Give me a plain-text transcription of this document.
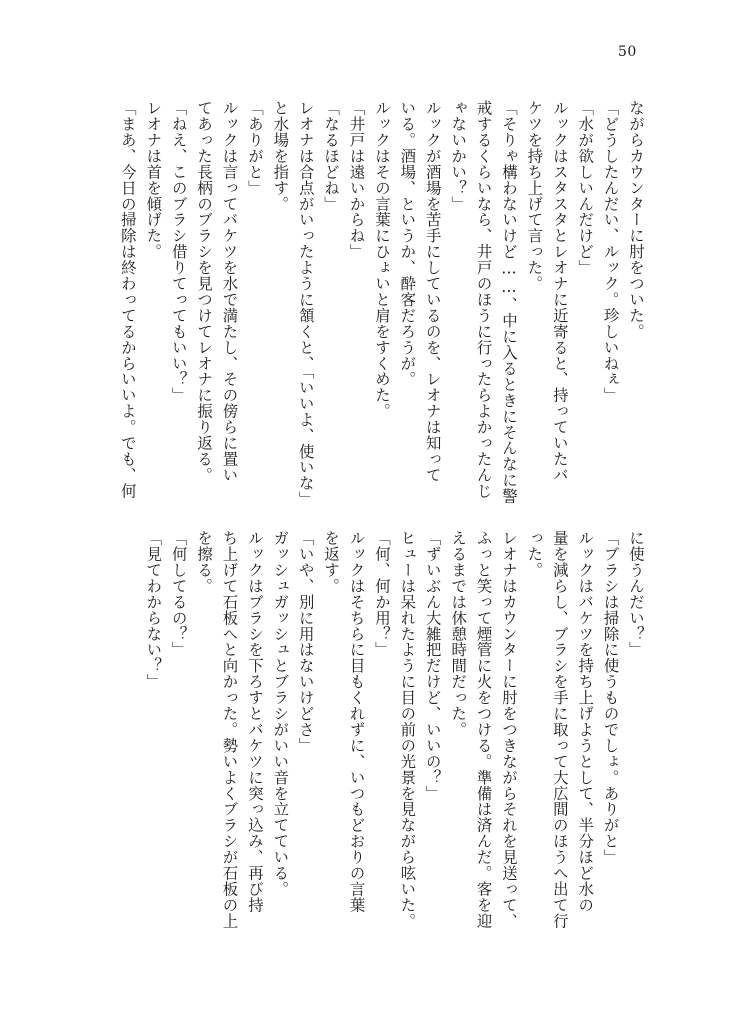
50
ながらカウンターに肘をついた。
「どうしたんだい、ルック。珍しいねぇ」
「水が欲しいんだけど」
ルックはスタスタとレオナに近寄ると、持っていたバ
ケツを持ち上げて言った。
「そりゃ構わないけど……、中に入るときにそんなに警
戒するくらいなら、井戸のほうに行ったらよかったんじ
ゃないかい？」
ルックが酒場を苦手にしているのを、レオナは知って
いる。酒場、というか、酔客だろうが。
ルックはその言葉にひょいと肩をすくめた。
「井戸は遠いからね」
「なるほどね」
レオナは合点がいったように頷くと、「いいよ、使いな」
と水場を指す。
「ありがと」
ルックは言ってバケツを水で満たし、その傍らに置い
てあった長柄のブラシを見つけてレオナに振り返る。
「ねえ、このブラシ借りてってもいい？」
レオナは首を傾げた。
「まあ、今日の掃除は終わってるからいいよ。でも、何
に使うんだい？」
「ブラシは掃除に使うものでしょ。ありがと」
ルックはバケツを持ち上げようとして、半分ほど水の
量を減らし、ブラシを手に取って大広間のほうへ出て行
った。
レオナはカウンターに肘をつきながらそれを見送って、
ふっと笑って煙管に火をつける。準備は済んだ。客を迎
えるまでは休憩時間だった。
「ずいぶん大雑把だけど、いいの？」
ヒューは呆れたように目の前の光景を見ながら呟いた。
「何、何か用？」
ルックはそちらに目もくれずに、いつもどおりの言葉
を返す。
「いや、別に用はないけどさ」
ガッシュガッシュとブラシがいい音を立てている。
ルックはブラシを下ろすとバケツに突っ込み、再び持
ち上げて石板へと向かった。勢いよくブラシが石板の上
を擦る。
「何してるの？」
「見てわからない？」
